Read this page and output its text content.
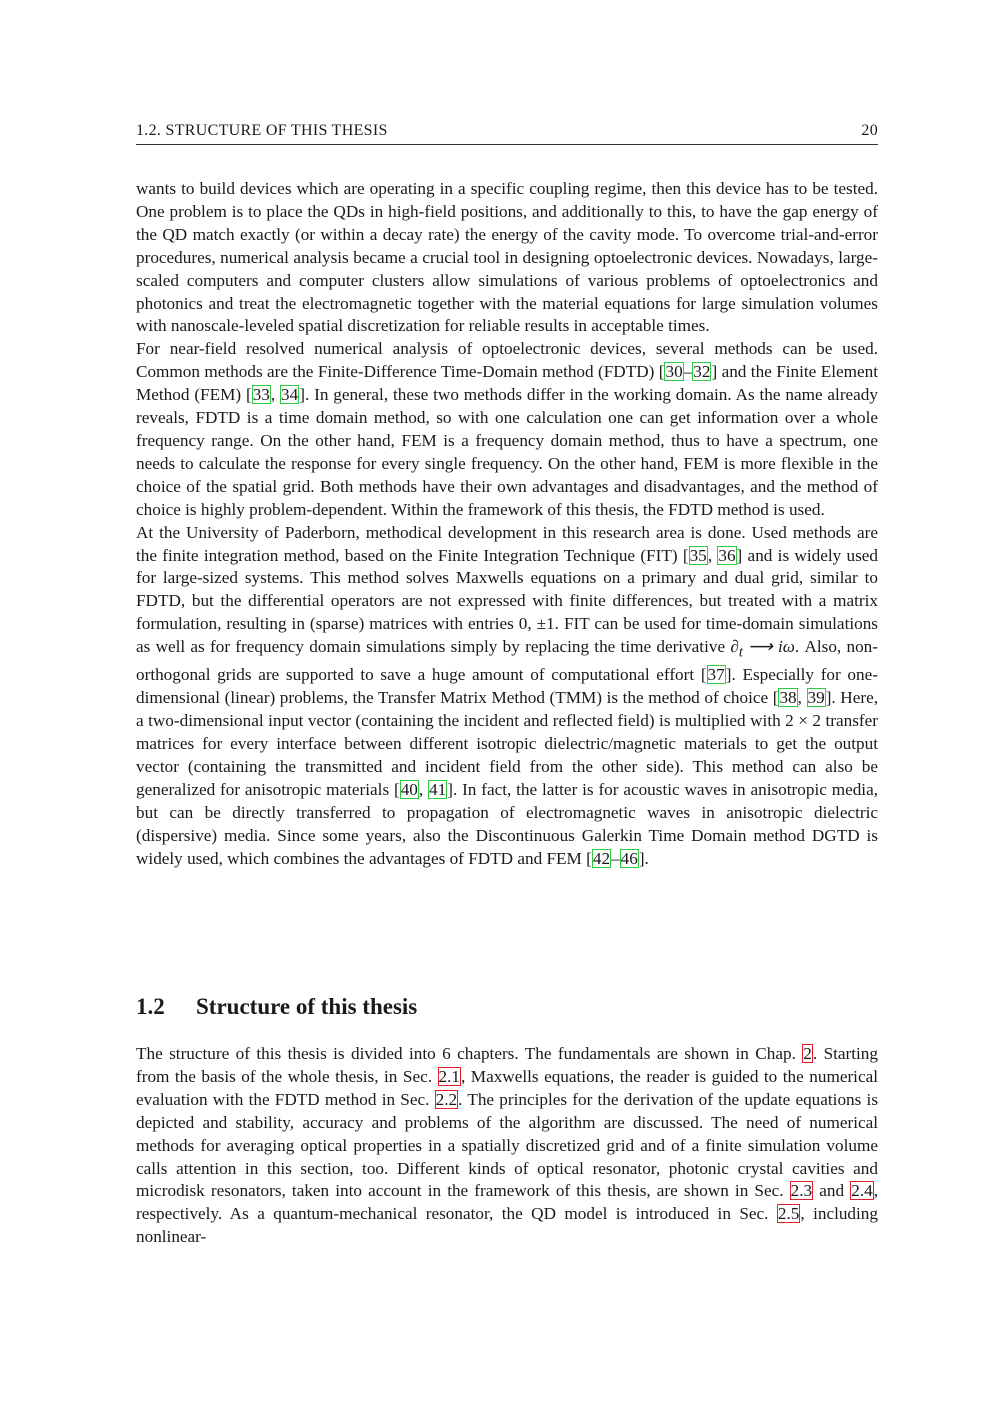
1.2. STRUCTURE OF THIS THESIS	20

wants to build devices which are operating in a specific coupling regime, then this device has to be tested. One problem is to place the QDs in high-field positions, and additionally to this, to have the gap energy of the QD match exactly (or within a decay rate) the energy of the cavity mode. To overcome trial-and-error procedures, numerical analysis became a crucial tool in designing optoelectronic devices. Nowadays, large-scaled computers and computer clusters allow simulations of various problems of optoelectronics and photonics and treat the electromagnetic together with the material equations for large simulation volumes with nanoscale-leveled spatial discretization for reliable results in acceptable times.

For near-field resolved numerical analysis of optoelectronic devices, several methods can be used. Common methods are the Finite-Difference Time-Domain method (FDTD) [30–32] and the Finite Element Method (FEM) [33, 34]. In general, these two methods differ in the working domain. As the name already reveals, FDTD is a time domain method, so with one calculation one can get information over a whole frequency range. On the other hand, FEM is a frequency domain method, thus to have a spectrum, one needs to calculate the response for every single frequency. On the other hand, FEM is more flexible in the choice of the spatial grid. Both methods have their own advantages and disadvantages, and the method of choice is highly problem-dependent. Within the framework of this thesis, the FDTD method is used.

At the University of Paderborn, methodical development in this research area is done. Used methods are the finite integration method, based on the Finite Integration Technique (FIT) [35, 36] and is widely used for large-sized systems. This method solves Maxwells equations on a primary and dual grid, similar to FDTD, but the differential operators are not expressed with finite differences, but treated with a matrix formulation, resulting in (sparse) matrices with entries 0, ±1. FIT can be used for time-domain simulations as well as for frequency domain simulations simply by replacing the time derivative $\partial_t$ ⟶ iω. Also, non-orthogonal grids are supported to save a huge amount of computational effort [37]. Especially for one-dimensional (linear) problems, the Transfer Matrix Method (TMM) is the method of choice [38, 39]. Here, a two-dimensional input vector (containing the incident and reflected field) is multiplied with 2 × 2 transfer matrices for every interface between different isotropic dielectric/magnetic materials to get the output vector (containing the transmitted and incident field from the other side). This method can also be generalized for anisotropic materials [40, 41]. In fact, the latter is for acoustic waves in anisotropic media, but can be directly transferred to propagation of electromagnetic waves in anisotropic dielectric (dispersive) media. Since some years, also the Discontinuous Galerkin Time Domain method DGTD is widely used, which combines the advantages of FDTD and FEM [42–46].

1.2 Structure of this thesis

The structure of this thesis is divided into 6 chapters. The fundamentals are shown in Chap. 2. Starting from the basis of the whole thesis, in Sec. 2.1, Maxwells equations, the reader is guided to the numerical evaluation with the FDTD method in Sec. 2.2. The principles for the derivation of the update equations is depicted and stability, accuracy and problems of the algorithm are discussed. The need of numerical methods for averaging optical properties in a spatially discretized grid and of a finite simulation volume calls attention in this section, too. Different kinds of optical resonator, photonic crystal cavities and microdisk resonators, taken into account in the framework of this thesis, are shown in Sec. 2.3 and 2.4, respectively. As a quantum-mechanical resonator, the QD model is introduced in Sec. 2.5, including nonlinear-
